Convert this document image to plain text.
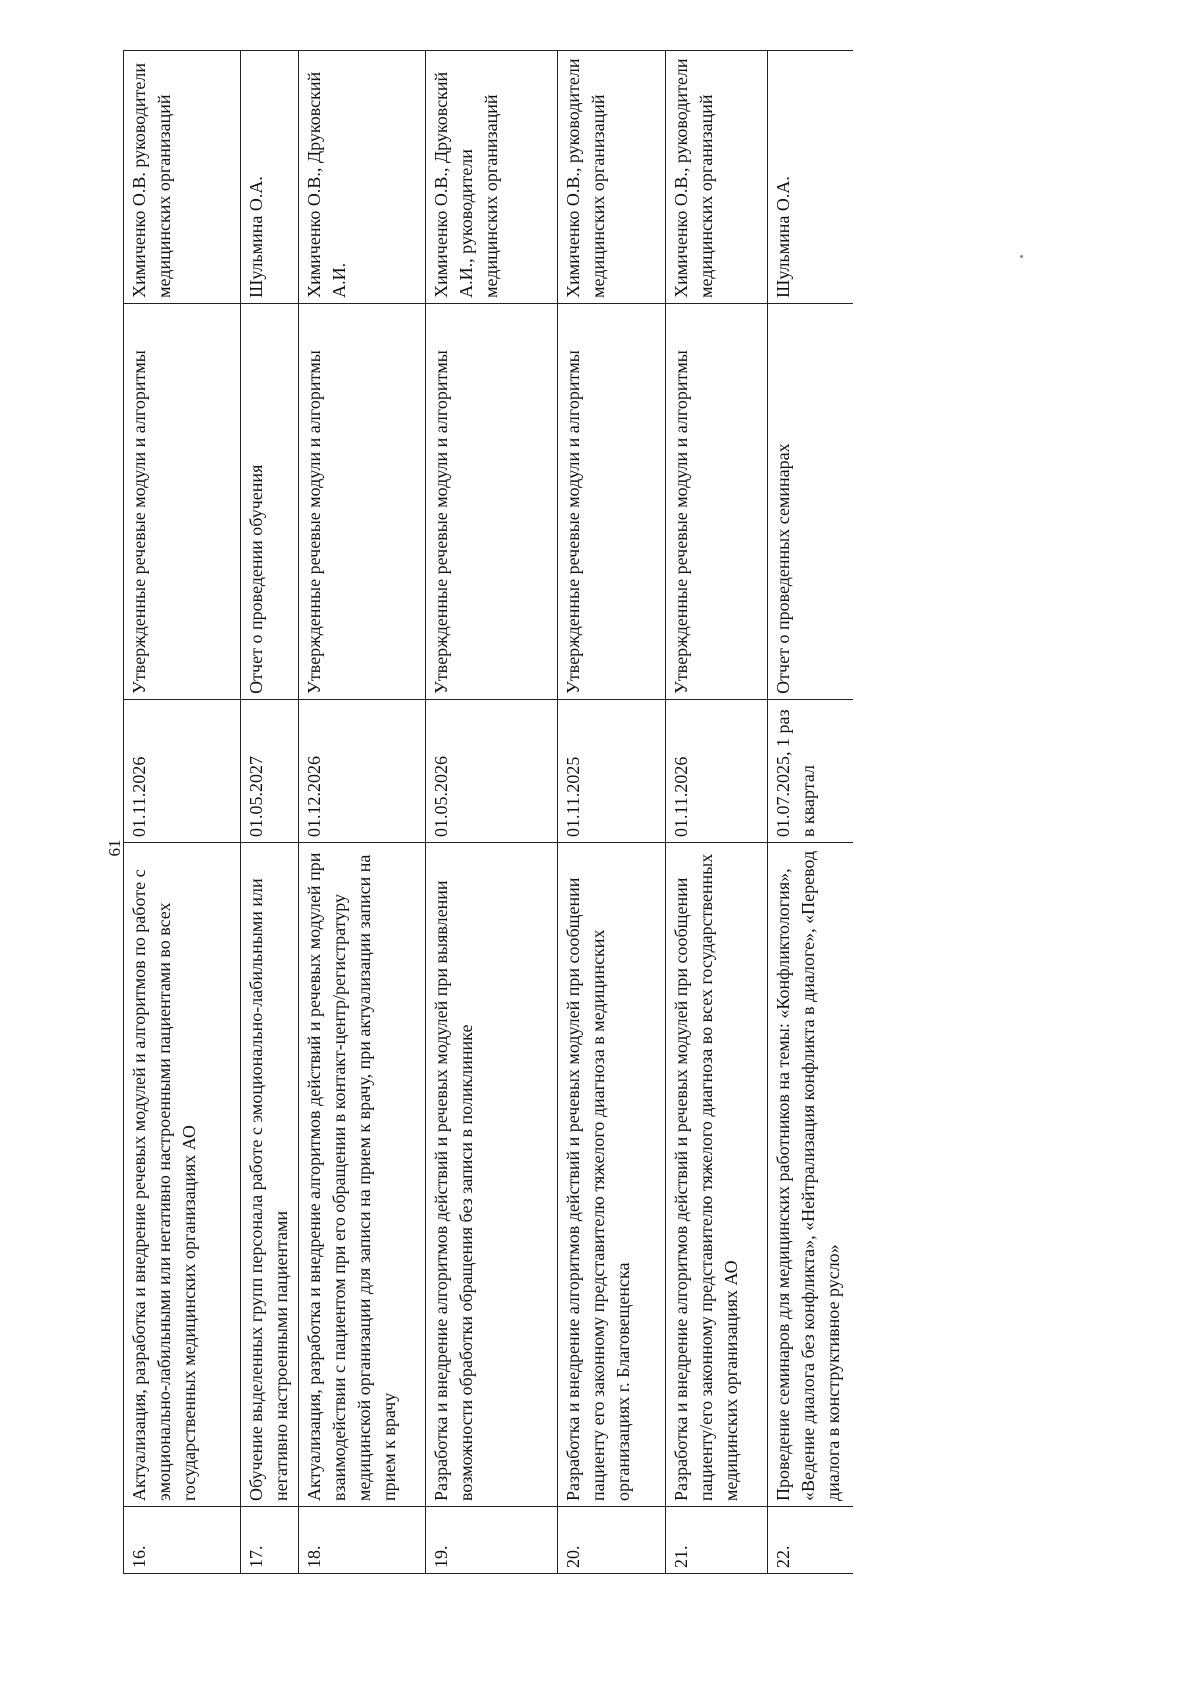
61
16.	Актуализация, разработка и внедрение речевых модулей и алгоритмов по работе с эмоционально-лабильными или негативно настроенными пациентами во всех государственных медицинских организациях АО	01.11.2026	Утвержденные речевые модули и алгоритмы	Химиченко О.В. руководители медицинских организаций
17.	Обучение выделенных групп персонала работе с эмоционально-лабильными или негативно настроенными пациентами	01.05.2027	Отчет о проведении обучения	Шульмина О.А.
18.	Актуализация, разработка и внедрение алгоритмов действий и речевых модулей при взаимодействии с пациентом при его обращении в контакт-центр/регистратуру медицинской организации для записи на прием к врачу, при актуализации записи на прием к врачу	01.12.2026	Утвержденные речевые модули и алгоритмы	Химиченко О.В., Друковский А.И.
19.	Разработка и внедрение алгоритмов действий и речевых модулей при выявлении возможности обработки обращения без записи в поликлинике	01.05.2026	Утвержденные речевые модули и алгоритмы	Химиченко О.В., Друковский А.И., руководители медицинских организаций
20.	Разработка и внедрение алгоритмов действий и речевых модулей при сообщении пациенту его законному представителю тяжелого диагноза в медицинских организациях г. Благовещенска	01.11.2025	Утвержденные речевые модули и алгоритмы	Химиченко О.В., руководители медицинских организаций
21.	Разработка и внедрение алгоритмов действий и речевых модулей при сообщении пациенту/его законному представителю тяжелого диагноза во всех государственных медицинских организациях АО	01.11.2026	Утвержденные речевые модули и алгоритмы	Химиченко О.В., руководители медицинских организаций
22.	Проведение семинаров для медицинских работников на темы: «Конфликтология», «Ведение диалога без конфликта», «Нейтрализация конфликта в диалоге», «Перевод диалога в конструктивное русло»	01.07.2025, 1 раз в квартал	Отчет о проведенных семинарах	Шульмина О.А.
